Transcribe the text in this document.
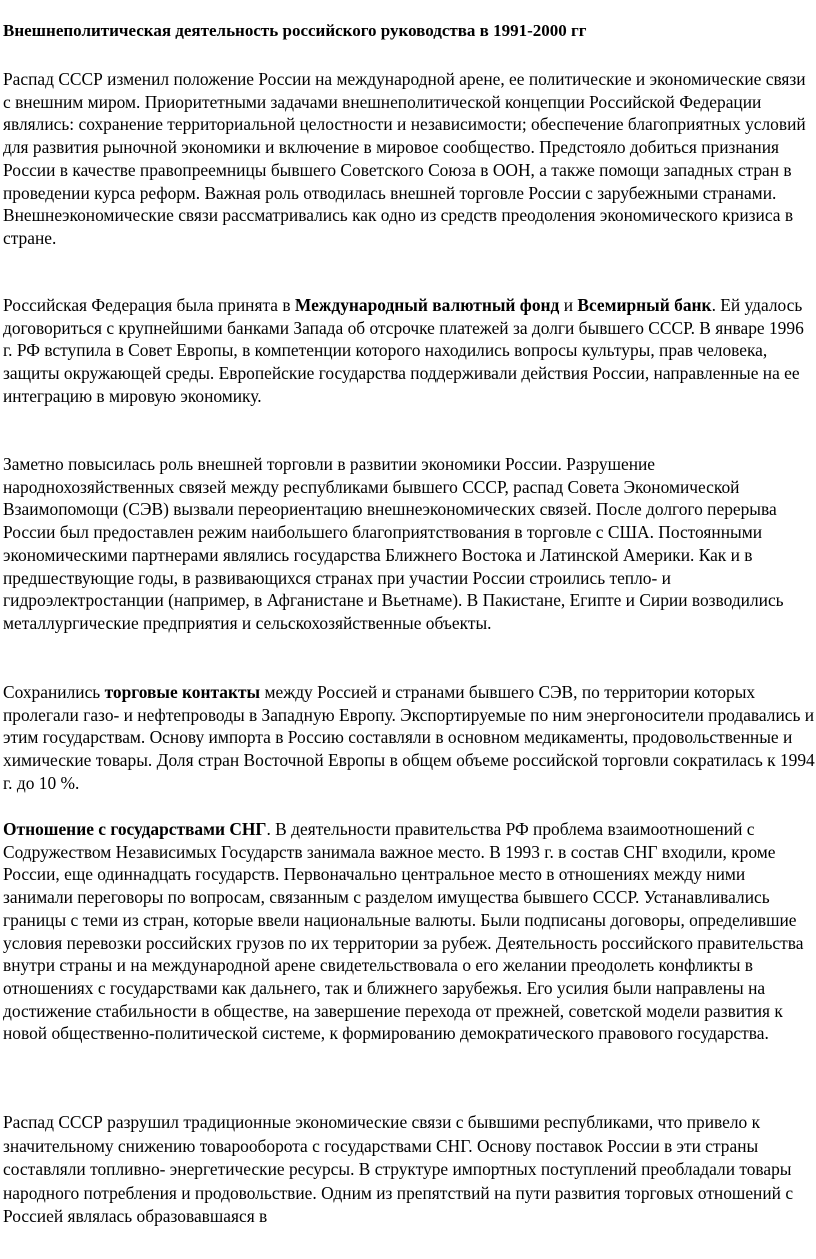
Внешнеполитическая деятельность российского руководства в 1991-2000 гг

Распад СССР изменил положение России на международной арене, ее политические и экономические связи с внешним миром. Приоритетными задачами внешнеполитической концепции Российской Федерации являлись: сохранение территориальной целостности и независимости; обеспечение благоприятных условий для развития рыночной экономики и включение в мировое сообщество. Предстояло добиться признания России в качестве правопреемницы бывшего Советского Союза в ООН, а также помощи западных стран в проведении курса реформ. Важная роль отводилась внешней торговле России с зарубежными странами. Внешнеэкономические связи рассматривались как одно из средств преодоления экономического кризиса в стране.

Российская Федерация была принята в Международный валютный фонд и Всемирный банк. Ей удалось договориться с крупнейшими банками Запада об отсрочке платежей за долги бывшего СССР. В январе 1996 г. РФ вступила в Совет Европы, в компетенции которого находились вопросы культуры, прав человека, защиты окружающей среды. Европейские государства поддерживали действия России, направленные на ее интеграцию в мировую экономику.

Заметно повысилась роль внешней торговли в развитии экономики России. Разрушение народнохозяйственных связей между республиками бывшего СССР, распад Совета Экономической Взаимопомощи (СЭВ) вызвали переориентацию внешнеэкономических связей. После долгого перерыва России был предоставлен режим наибольшего благоприятствования в торговле с США. Постоянными экономическими партнерами являлись государства Ближнего Востока и Латинской Америки. Как и в предшествующие годы, в развивающихся странах при участии России строились тепло- и гидроэлектростанции (например, в Афганистане и Вьетнаме). В Пакистане, Египте и Сирии возводились металлургические предприятия и сельскохозяйственные объекты.

Сохранились торговые контакты между Россией и странами бывшего СЭВ, по территории которых пролегали газо- и нефтепроводы в Западную Европу. Экспортируемые по ним энергоносители продавались и этим государствам. Основу импорта в Россию составляли в основном медикаменты, продовольственные и химические товары. Доля стран Восточной Европы в общем объеме российской торговли сократилась к 1994 г. до 10 %.

Отношение с государствами СНГ. В деятельности правительства РФ проблема взаимоотношений с Содружеством Независимых Государств занимала важное место. В 1993 г. в состав СНГ входили, кроме России, еще одиннадцать государств. Первоначально центральное место в отношениях между ними занимали переговоры по вопросам, связанным с разделом имущества бывшего СССР. Устанавливались границы с теми из стран, которые ввели национальные валюты. Были подписаны договоры, определившие условия перевозки российских грузов по их территории за рубеж. Деятельность российского правительства внутри страны и на международной арене свидетельствовала о его желании преодолеть конфликты в отношениях с государствами как дальнего, так и ближнего зарубежья. Его усилия были направлены на достижение стабильности в обществе, на завершение перехода от прежней, советской модели развития к новой общественно-политической системе, к формированию демократического правового государства.

Распад СССР разрушил традиционные экономические связи с бывшими республиками, что привело к значительному снижению товарооборота с государствами СНГ. Основу поставок России в эти страны составляли топливно- энергетические ресурсы. В структуре импортных поступлений преобладали товары народного потребления и продовольствие. Одним из препятствий на пути развития торговых отношений с Россией являлась образовавшаяся в
